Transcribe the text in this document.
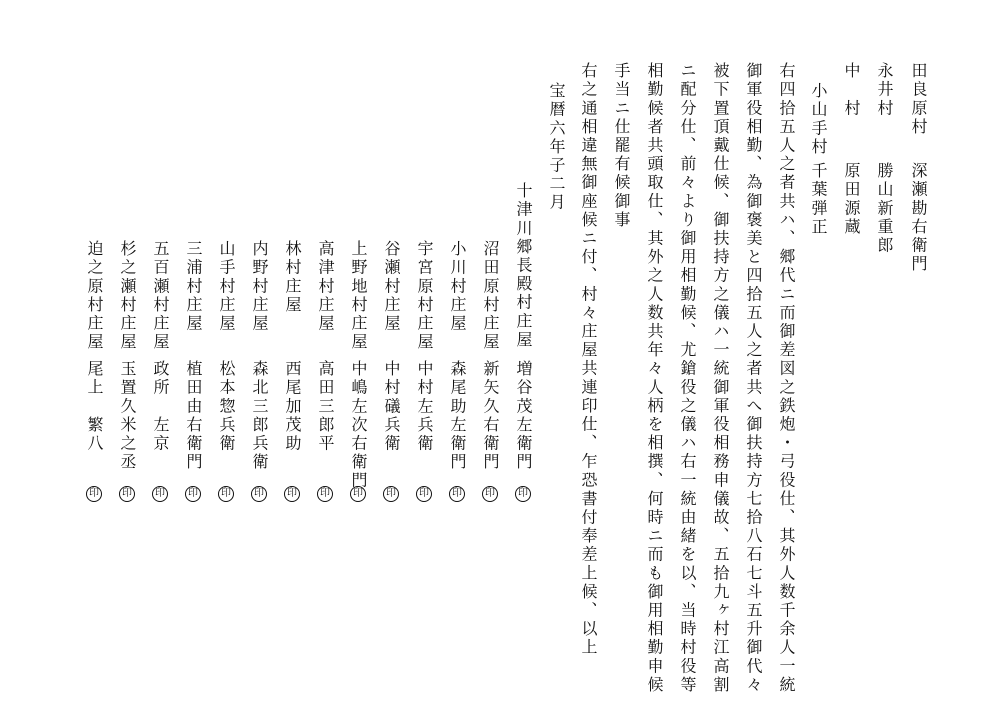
田良原村
深瀬勘右衛門
永井村
勝山新重郎
中　村
原田源蔵
小山手村
千葉弾正
右四拾五人之者共ハ、郷代ニ而御差図之鉄炮・弓役仕、其外人数千余人一統
御軍役相勤、為御褒美と四拾五人之者共へ御扶持方七拾八石七斗五升御代々
被下置頂戴仕候、御扶持方之儀ハ一統御軍役相務申儀故、五拾九ヶ村江高割
ニ配分仕、前々より御用相勤候、尤鎗役之儀ハ右一統由緒を以、当時村役等
相勤候者共頭取仕、其外之人数共年々人柄を相撰、何時ニ而も御用相勤申候
手当ニ仕罷有候御事
右之通相違無御座候ニ付、村々庄屋共連印仕、乍恐書付奉差上候、以上
宝暦六年子二月
十津川郷長殿村庄屋
増谷茂左衛門
印
沼田原村庄屋
新矢久右衛門
印
小川村庄屋
森尾助左衛門
印
宇宮原村庄屋
中村左兵衛
印
谷瀬村庄屋
中村礒兵衛
印
上野地村庄屋
中嶋左次右衛門
印
高津村庄屋
高田三郎平
印
林村庄屋
西尾加茂助
印
内野村庄屋
森北三郎兵衛
印
山手村庄屋
松本惣兵衛
印
三浦村庄屋
植田由右衛門
印
五百瀬村庄屋
政所　左京
印
杉之瀬村庄屋
玉置久米之丞
印
迫之原村庄屋
尾上　繁八
印
